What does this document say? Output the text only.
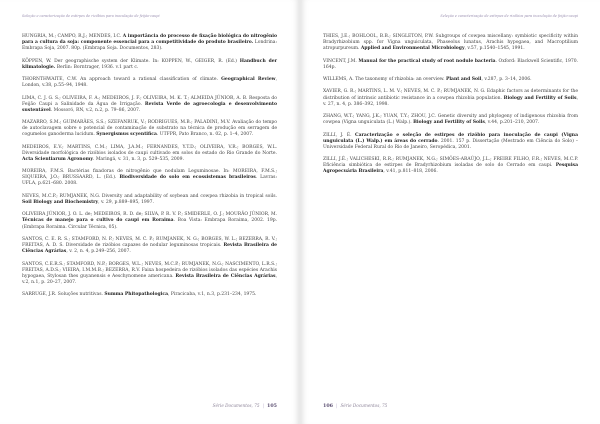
Seleção e caracterização de estirpes de rizóbios para inoculação de feijão-caupi

HUNGRIA, M.; CAMPO, R.J.; MENDES, I.C. A importância do processo de fixação biológica do nitrogênio para a cultura da soja: componente essencial para a competitividade do produto brasileiro. Londrina: Embrapa Soja, 2007. 80p. (Embrapa Soja. Documentos, 283).

KÖPPEN, W. Der geographische system der Klimate. In: KOPPEN, W., GEIGER, R. (Ed.) Handbuch der klimatologie. Berlin: Borntrager, 1936. v.1 part c.

THORNTHWAITE, C.W. An approach toward a rational classification of climate. Geographical Review, London, v.38, p.55–94, 1948.

LIMA, C. J. G. S.; OLIVEIRA, F. A.; MEDEIROS, J. F.; OLIVEIRA, M. K. T.; ALMEIDA JÚNIOR, A. B. Resposta do Feijão Caupi a Salinidade da Água de Irrigação. Revista Verde de agroecologia e desenvolvimento sustentável. Mossoró, RN, v.2, n.2, p. 79–86, 2007.

MAZARRO, S.M.; GUIMARÃES, S.S.; SZEFANRUK, V.; RODRIGUES, M.B.; PALADINI, M.V. Avaliação do tempo de autoclavagem sobre o potencial de contaminação de substrato na técnica de produção em serragem de cogumelos ganoderma lucidum. Synergismus scyentifica. UTFPR, Pato Branco, n. 02, p. 1–4, 2007.

MEDEIROS, E.V.; MARTINS, C.M.; LIMA, J.A.M.; FERNANDES, Y.T.D.; OLIVEIRA, V.R.; BORGES, W.L. Diversidade morfológica de rizóbios isolados de caupi cultivado em solos do estado do Rio Grande do Norte. Acta Scientiarum Agronomy. Maringá, v. 31, n. 3, p. 529–535, 2009.

MOREIRA, F.M.S. Bactérias fixadoras de nitrogênio que nodulam Leguminosae. In: MOREIRA, F.M.S.; SIQUEIRA, J.O.; BRUSSAARD, L. (Ed.). Biodiversidade do solo em ecossistemas brasileiros. Lavras: UFLA, p.621–680. 2008.

NEVES, M.C.P.; RUMJANEK, N.G. Diversity and adaptability of soybean and cowpea rhizobia in tropical soils. Soil Biology and Biochemistry, v. 29, p.889–895, 1997.

OLIVEIRA JÚNIOR, J. O. L. de; MEDEIROS, R. D. de; SILVA, P. R. V. P.; SMIDERLE, O. J.; MOURÃO JÚNIOR, M. Técnicas de manejo para o cultivo do caupi em Roraima. Boa Vista: Embrapa Roraima, 2002. 19p. (Embrapa Roraima. Circular Técnica, 05).

SANTOS, C. E. R. S.; STAMFORD, N. P.; NEVES, M. C. P.; RUMJANEK, N. G.; BORGES, W. L.; BEZERRA, R. V.; FREITAS, A. D. S. Diversidade de rizóbios capazes de nodular leguminosas tropicais. Revista Brasileira de Ciências Agrárias, v. 2, n. 4, p.249–256, 2007.

SANTOS, C.E.R.S.; STAMFORD, N.P.; BORGES, W.L.; NEVES, M.C.P.; RUMJANEK, N.G.; NASCIMENTO, L.R.S.; FREITAS, A.D.S.; VIEIRA, I.M.M.B.; BEZERRA, R.V. Faixa hospedeira de rizóbios isolados das espécies Arachis hypogaea, Stylosan thes guyanensis e Aeschynomene americana. Revista Brasileira de Ciências Agrárias, v.2, n.1, p. 20–27, 2007.

SARRUGE, J.R. Soluções nutritivas. Summa Phitopathologica, Piracicaba, v.1, n.3, p.231–234, 1975.

Série Documentos, 75 | 105
Seleção e caracterização de estirpes de rizóbios para inoculação de feijão-caupi

THIES, J.E.; BOHLOOL, B.B.; SINGLETON, P.W. Subgroups of cowpea miscellany: symbiotic specificity within Bradyrhizobium spp. for Vigna unguiculata, Phaseolus lunatus, Arachis hypogaea, and Macroptilium atropurpureum. Applied and Environmental Microbiology, v.57, p.1540–1545, 1991.

VINCENT, J.M. Manual for the practical study of root nodule bacteria. Oxford: Blackwell Scientific, 1970. 164p.

WILLEMS, A. The taxonomy of rhizobia: an overview. Plant and Soil, v.287, p. 3–14, 2006.

XAVIER, G. R.; MARTINS, L. M. V.; NEVES, M. C. P.; RUMJANEK, N. G. Edaphic factors as determinants for the distribution of intrinsic antibiotic resistance in a cowpea rhizobia population. Biology and Fertility of Soils, v. 27, n. 4, p. 386–392, 1998.

ZHANG, W.T.; YANG, J.K.; YUAN, T.Y.; ZHOU, J.C. Genetic diversity and phylogeny of indigenous rhizobia from cowpea (Vigna unguiculata (L.) Walp.). Biology and Fertility of Soils, v.44, p.201–210, 2007.

ZILLI, J. É. Caracterização e seleção de estirpes de rizóbio para inoculação de caupi (Vigna unguiculata (L.) Walp.) em áreas do cerrado. 2001. 157 p. Dissertação (Mestrado em Ciência do Solo) – Universidade Federal Rural do Rio de Janeiro, Seropédica, 2001.

ZILLI, J.É.; VALICHESKI, R.R.; RUMJANEK, N.G.; SIMÕES-ARAÚJO, J.L.; FREIRE FILHO, F.R.; NEVES, M.C.P. Eficiência simbiótica de estirpes de Bradyrhizobium isoladas de solo do Cerrado em caupi. Pesquisa Agropecuária Brasileira, v.41, p.811–818, 2006.

106 | Série Documentos, 75
